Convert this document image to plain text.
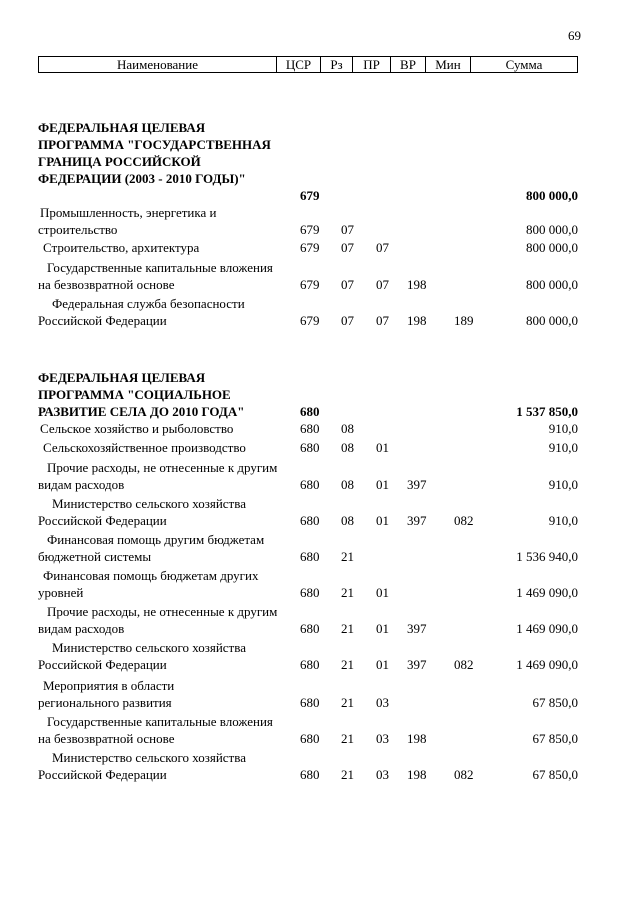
69
Наименование	ЦСР	Рз	ПР	ВР	Мин	Сумма
ФЕДЕРАЛЬНАЯ ЦЕЛЕВАЯ ПРОГРАММА "ГОСУДАРСТВЕННАЯ ГРАНИЦА РОССИЙСКОЙ ФЕДЕРАЦИИ (2003 - 2010 ГОДЫ)"
679	800 000,0
Промышленность, энергетика и строительство	679 07	800 000,0
Строительство, архитектура	679 07 07	800 000,0
Государственные капитальные вложения на безвозвратной основе	679 07 07 198	800 000,0
Федеральная служба безопасности Российской Федерации	679 07 07 198 189	800 000,0
ФЕДЕРАЛЬНАЯ ЦЕЛЕВАЯ ПРОГРАММА "СОЦИАЛЬНОЕ РАЗВИТИЕ СЕЛА ДО 2010 ГОДА"	680	1 537 850,0
Сельское хозяйство и рыболовство	680 08	910,0
Сельскохозяйственное производство	680 08 01	910,0
Прочие расходы, не отнесенные к другим видам расходов	680 08 01 397	910,0
Министерство сельского хозяйства Российской Федерации	680 08 01 397 082	910,0
Финансовая помощь другим бюджетам бюджетной системы	680 21	1 536 940,0
Финансовая помощь бюджетам других уровней	680 21 01	1 469 090,0
Прочие расходы, не отнесенные к другим видам расходов	680 21 01 397	1 469 090,0
Министерство сельского хозяйства Российской Федерации	680 21 01 397 082	1 469 090,0
Мероприятия в области регионального развития	680 21 03	67 850,0
Государственные капитальные вложения на безвозвратной основе	680 21 03 198	67 850,0
Министерство сельского хозяйства Российской Федерации	680 21 03 198 082	67 850,0
